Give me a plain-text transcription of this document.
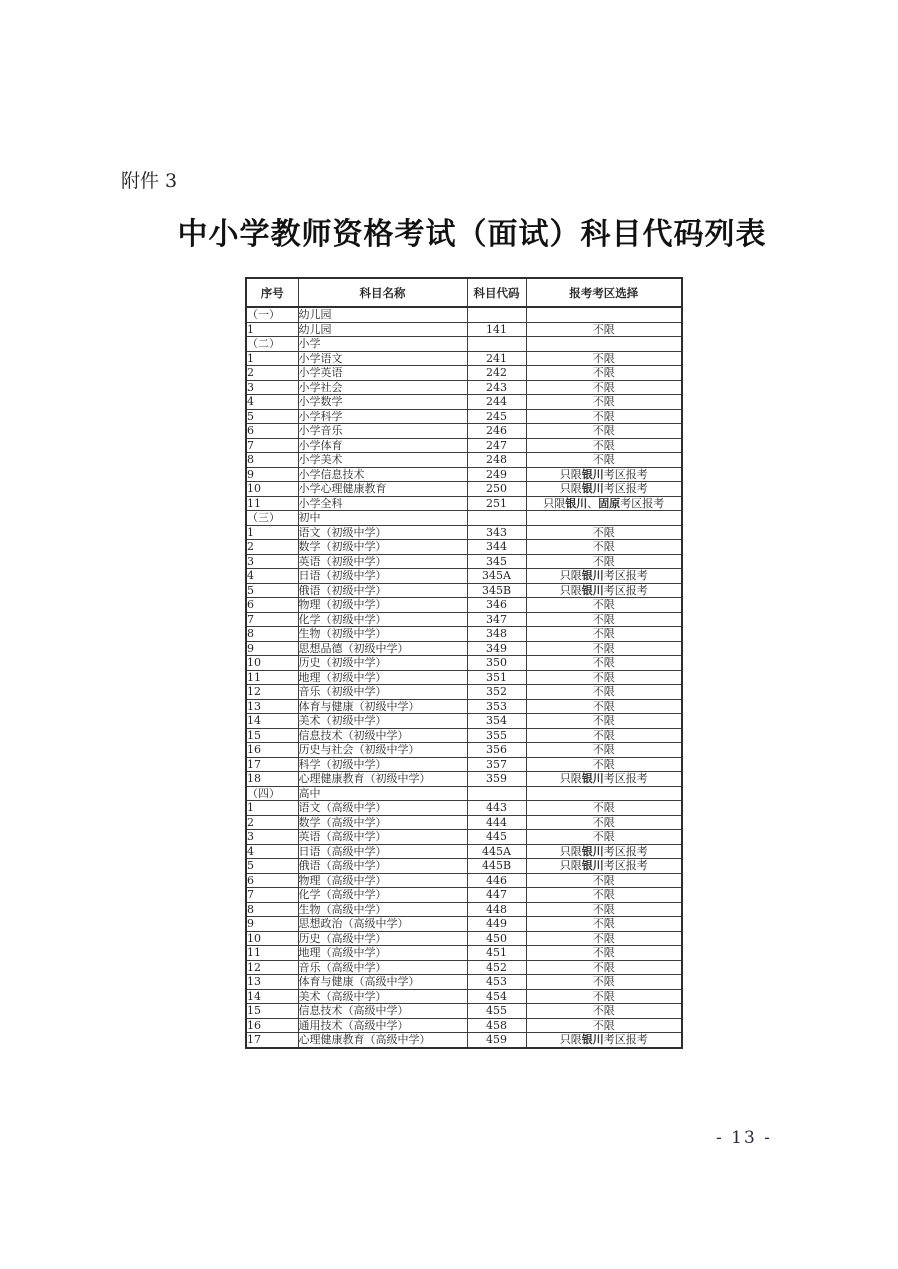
附件 3
中小学教师资格考试（面试）科目代码列表
序号	科目名称	科目代码	报考考区选择
（一）	幼儿园		
1	幼儿园	141	不限
（二）	小学		
1	小学语文	241	不限
2	小学英语	242	不限
3	小学社会	243	不限
4	小学数学	244	不限
5	小学科学	245	不限
6	小学音乐	246	不限
7	小学体育	247	不限
8	小学美术	248	不限
9	小学信息技术	249	只限银川考区报考
10	小学心理健康教育	250	只限银川考区报考
11	小学全科	251	只限银川、固原考区报考
（三）	初中		
1	语文（初级中学）	343	不限
2	数学（初级中学）	344	不限
3	英语（初级中学）	345	不限
4	日语（初级中学）	345A	只限银川考区报考
5	俄语（初级中学）	345B	只限银川考区报考
6	物理（初级中学）	346	不限
7	化学（初级中学）	347	不限
8	生物（初级中学）	348	不限
9	思想品德（初级中学）	349	不限
10	历史（初级中学）	350	不限
11	地理（初级中学）	351	不限
12	音乐（初级中学）	352	不限
13	体育与健康（初级中学）	353	不限
14	美术（初级中学）	354	不限
15	信息技术（初级中学）	355	不限
16	历史与社会（初级中学）	356	不限
17	科学（初级中学）	357	不限
18	心理健康教育（初级中学）	359	只限银川考区报考
（四）	高中		
1	语文（高级中学）	443	不限
2	数学（高级中学）	444	不限
3	英语（高级中学）	445	不限
4	日语（高级中学）	445A	只限银川考区报考
5	俄语（高级中学）	445B	只限银川考区报考
6	物理（高级中学）	446	不限
7	化学（高级中学）	447	不限
8	生物（高级中学）	448	不限
9	思想政治（高级中学）	449	不限
10	历史（高级中学）	450	不限
11	地理（高级中学）	451	不限
12	音乐（高级中学）	452	不限
13	体育与健康（高级中学）	453	不限
14	美术（高级中学）	454	不限
15	信息技术（高级中学）	455	不限
16	通用技术（高级中学）	458	不限
17	心理健康教育（高级中学）	459	只限银川考区报考
- 13 -
